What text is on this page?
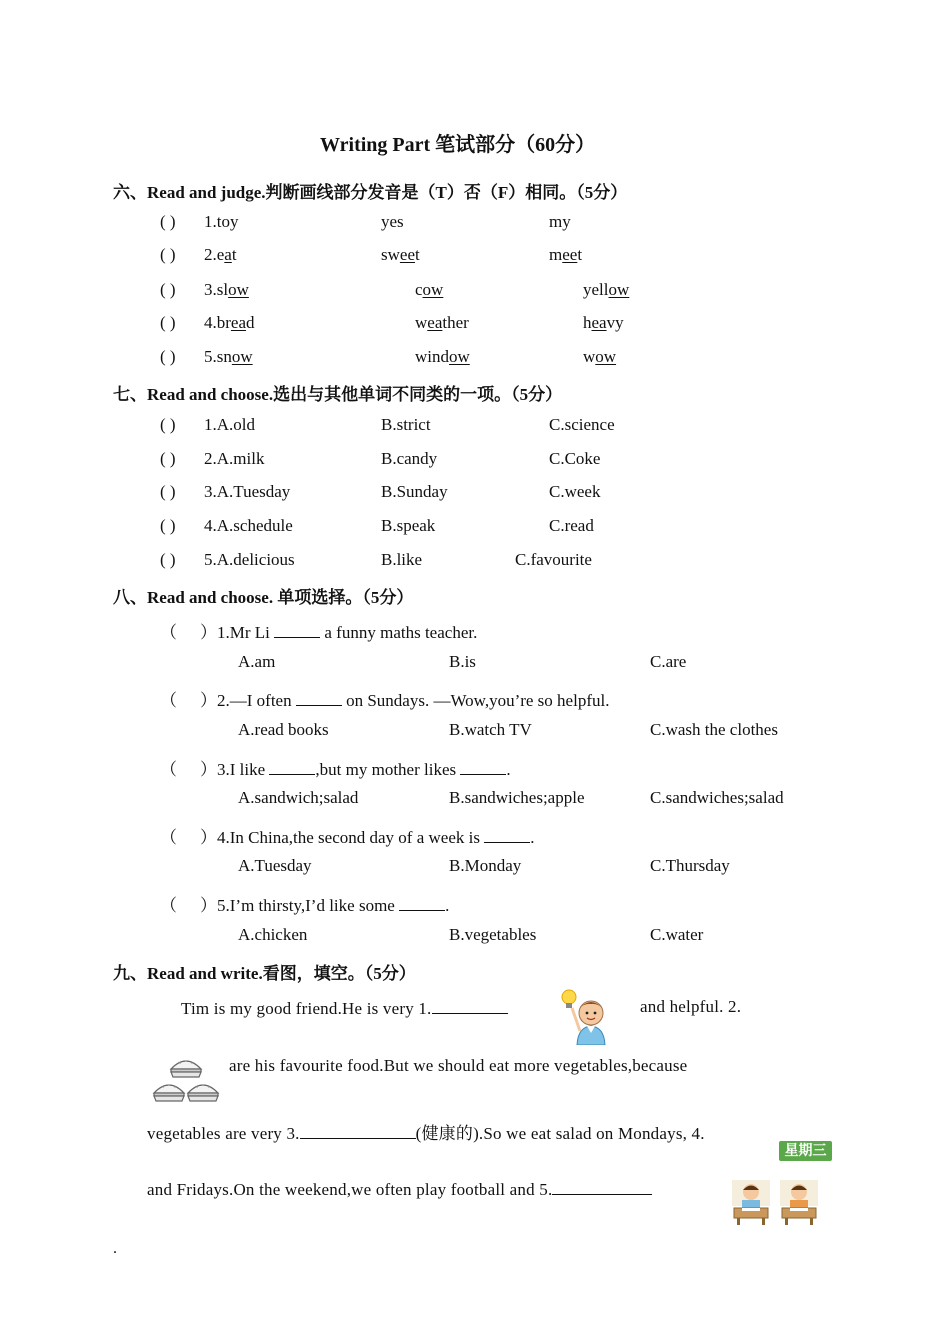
Writing Part 笔试部分（60分）
六、Read and judge.判断画线部分发音是（T）否（F）相同。（5分）
( ) 1.toy	yes	my
( ) 2.eat	sweet	meet
( ) 3.slow	cow	yellow
( ) 4.bread	weather	heavy
( ) 5.snow	window	wow
七、Read and choose.选出与其他单词不同类的一项。（5分）
( ) 1.A.old	B.strict	C.science
( ) 2.A.milk	B.candy	C.Coke
( ) 3.A.Tuesday	B.Sunday	C.week
( ) 4.A.schedule	B.speak	C.read
( ) 5.A.delicious	B.like	C.favourite
八、Read and choose. 单项选择。（5分）
（ ）1.Mr Li	a funny maths teacher.
A.am	B.is	C.are
（ ）2.—I often	on Sundays. —Wow,you’re so helpful.
A.read books	B.watch TV	C.wash the clothes
（ ）3.I like	,but my mother likes	.
A.sandwich;salad	B.sandwiches;apple	C.sandwiches;salad
（ ）4.In China,the second day of a week is	.
A.Tuesday	B.Monday	C.Thursday
（ ）5.I’m thirsty,I’d like some	.
A.chicken	B.vegetables	C.water
九、Read and write.看图，填空。（5分）
Tim is my good friend.He is very 1.	and helpful. 2.
are his favourite food.But we should eat more vegetables,because
vegetables are very 3.	(健康的).So we eat salad on Mondays, 4.
星期三
and Fridays.On the weekend,we often play football and 5.
.
